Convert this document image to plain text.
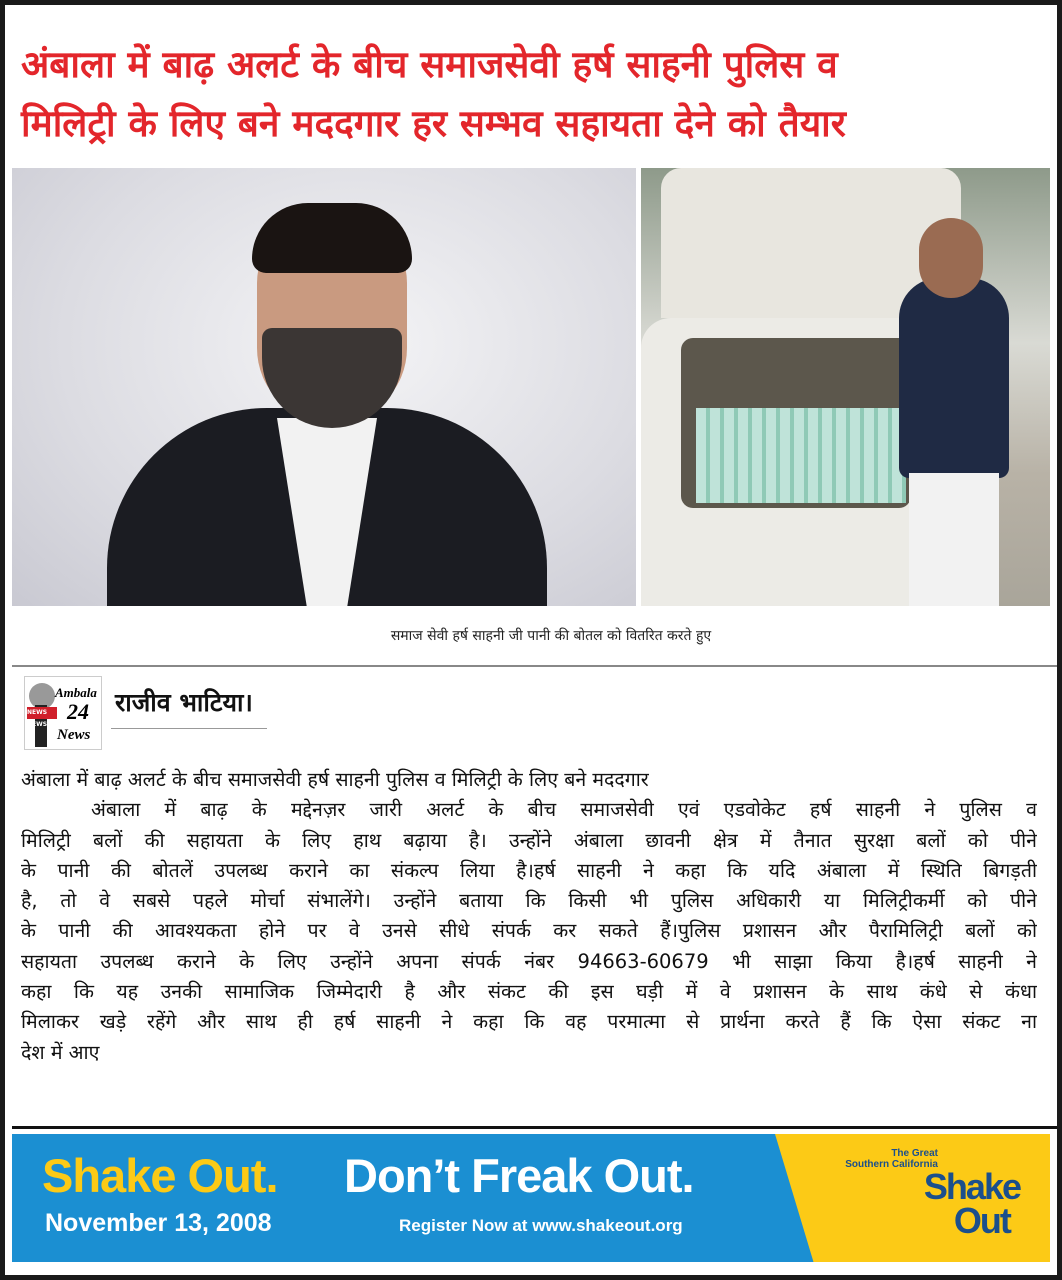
अंबाला में बाढ़ अलर्ट के बीच समाजसेवी हर्ष साहनी पुलिस व
मिलिट्री के लिए बने मददगार हर सम्भव सहायता देने को तैयार
समाज सेवी हर्ष साहनी जी पानी की बोतल को वितरित करते हुए
NEWS NEWS
Ambala
24
News
राजीव भाटिया।
अंबाला में बाढ़ अलर्ट के बीच समाजसेवी हर्ष साहनी पुलिस व मिलिट्री के लिए बने मददगार
अंबाला में बाढ़ के मद्देनज़र जारी अलर्ट के बीच समाजसेवी एवं एडवोकेट हर्ष साहनी ने पुलिस व
मिलिट्री बलों की सहायता के लिए हाथ बढ़ाया है। उन्होंने अंबाला छावनी क्षेत्र में तैनात सुरक्षा बलों को पीने
के पानी की बोतलें उपलब्ध कराने का संकल्प लिया है।हर्ष साहनी ने कहा कि यदि अंबाला में स्थिति बिगड़ती
है, तो वे सबसे पहले मोर्चा संभालेंगे। उन्होंने बताया कि किसी भी पुलिस अधिकारी या मिलिट्रीकर्मी को पीने
के पानी की आवश्यकता होने पर वे उनसे सीधे संपर्क कर सकते हैं।पुलिस प्रशासन और पैरामिलिट्री बलों को
सहायता उपलब्ध कराने के लिए उन्होंने अपना संपर्क नंबर 94663-60679 भी साझा किया है।हर्ष साहनी ने
कहा कि यह उनकी सामाजिक जिम्मेदारी है और संकट की इस घड़ी में वे प्रशासन के साथ कंधे से कंधा
मिलाकर खड़े रहेंगे और साथ ही हर्ष साहनी ने कहा कि वह परमात्मा से प्रार्थना करते हैं कि ऐसा संकट ना
देश में आए
Shake Out. Don’t Freak Out.
November 13, 2008	Register Now at www.shakeout.org
The Great
Southern California
Shake
Out
